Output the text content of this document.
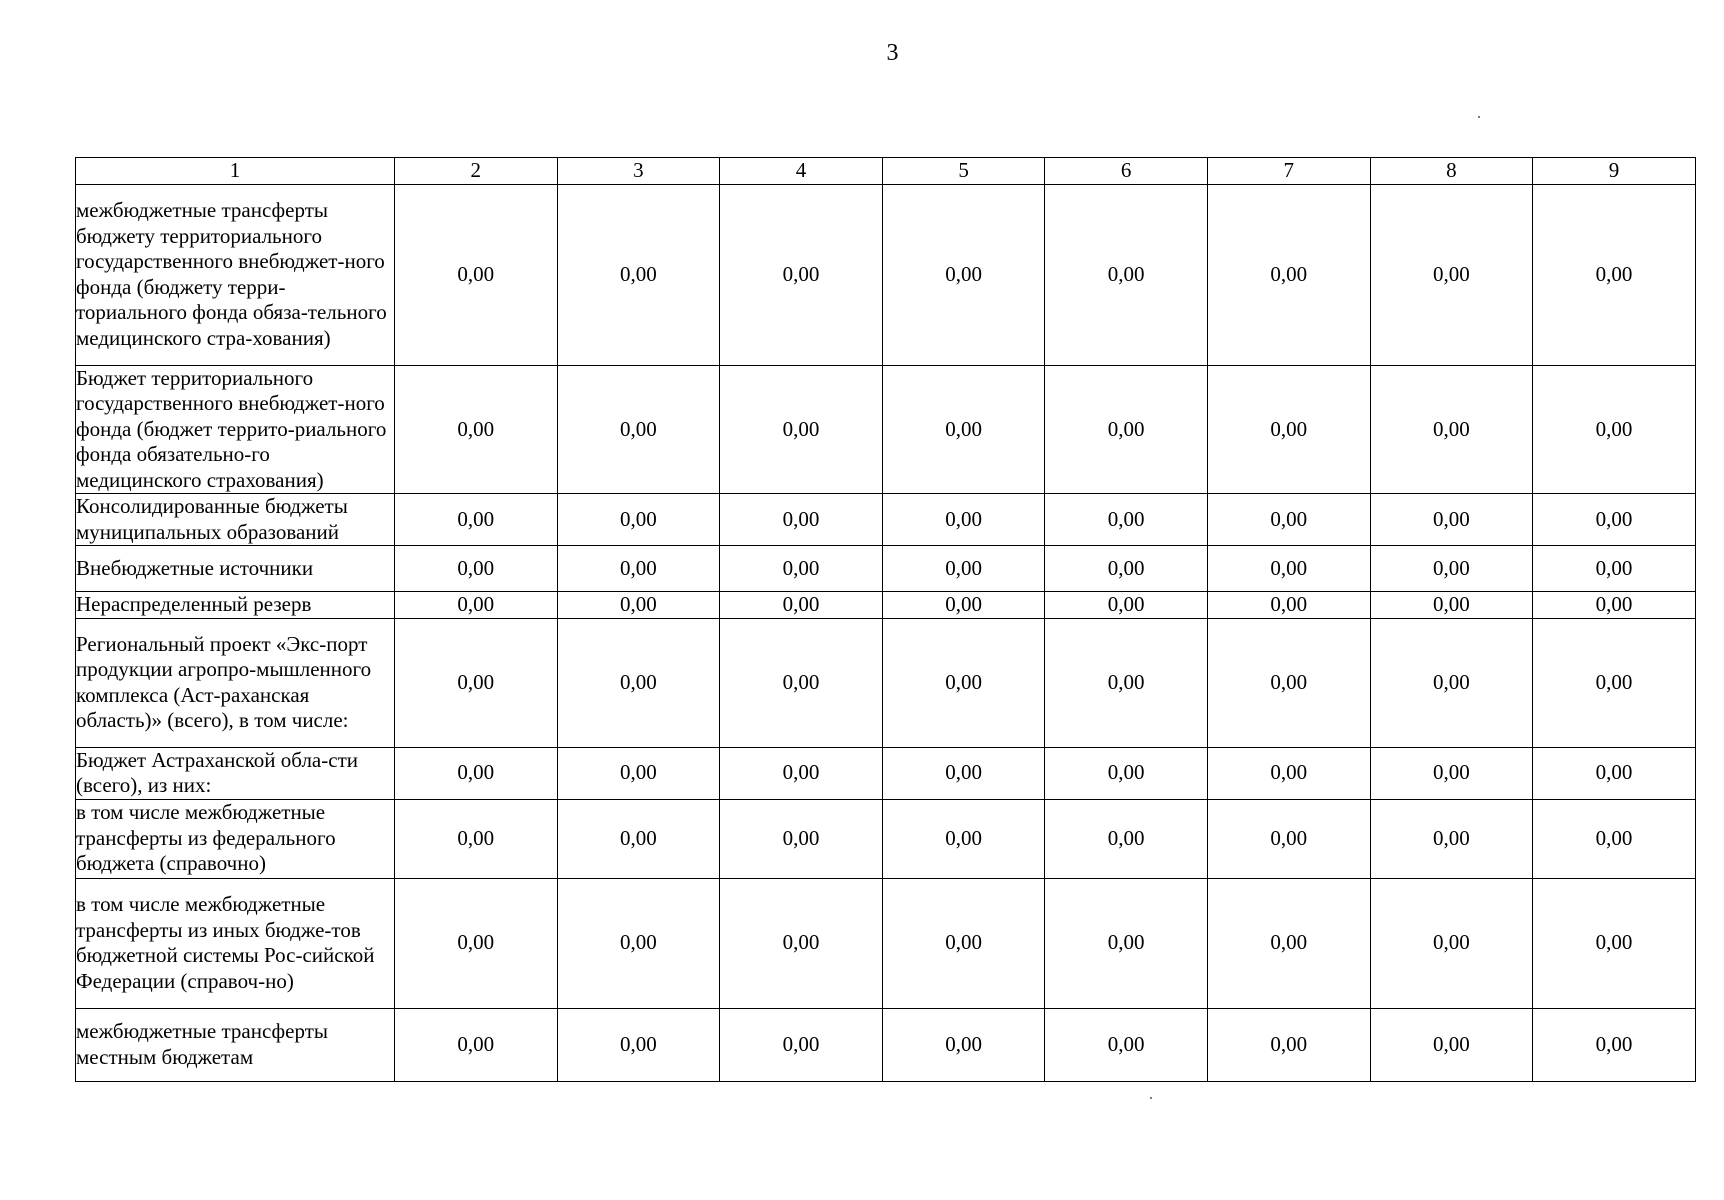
3
1	2	3	4	5	6	7	8	9
межбюджетные трансферты бюджету территориального государственного внебюджет-ного фонда (бюджету терри-ториального фонда обяза-тельного медицинского стра-хования)	0,00	0,00	0,00	0,00	0,00	0,00	0,00	0,00
Бюджет территориального государственного внебюджет-ного фонда (бюджет террито-риального фонда обязательно-го медицинского страхования)	0,00	0,00	0,00	0,00	0,00	0,00	0,00	0,00
Консолидированные бюджеты муниципальных образований	0,00	0,00	0,00	0,00	0,00	0,00	0,00	0,00
Внебюджетные источники	0,00	0,00	0,00	0,00	0,00	0,00	0,00	0,00
Нераспределенный резерв	0,00	0,00	0,00	0,00	0,00	0,00	0,00	0,00
Региональный проект «Экс-порт продукции агропро-мышленного комплекса (Аст-раханская область)» (всего), в том числе:	0,00	0,00	0,00	0,00	0,00	0,00	0,00	0,00
Бюджет Астраханской обла-сти (всего), из них:	0,00	0,00	0,00	0,00	0,00	0,00	0,00	0,00
в том числе межбюджетные трансферты из федерального бюджета (справочно)	0,00	0,00	0,00	0,00	0,00	0,00	0,00	0,00
в том числе межбюджетные трансферты из иных бюдже-тов бюджетной системы Рос-сийской Федерации (справоч-но)	0,00	0,00	0,00	0,00	0,00	0,00	0,00	0,00
межбюджетные трансферты местным бюджетам	0,00	0,00	0,00	0,00	0,00	0,00	0,00	0,00
